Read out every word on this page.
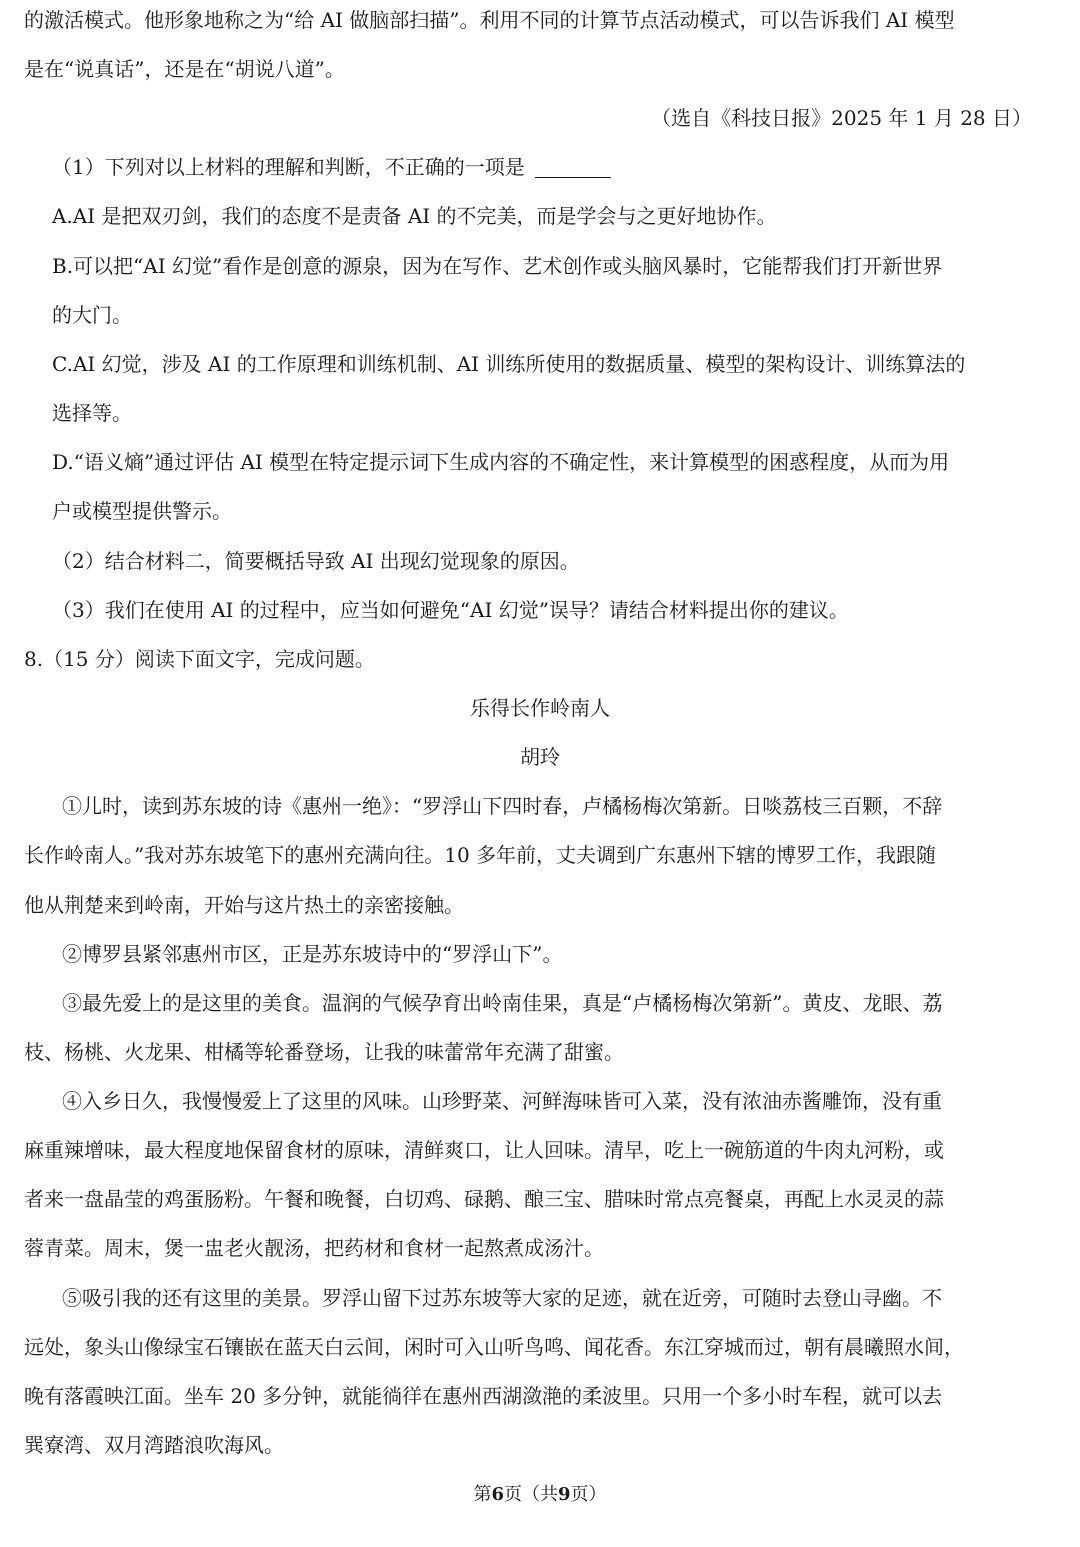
的激活模式。他形象地称之为“给 AI 做脑部扫描”。利用不同的计算节点活动模式，可以告诉我们 AI 模型
是在“说真话”，还是在“胡说八道”。
（选自《科技日报》2025 年 1 月 28 日）
（1）下列对以上材料的理解和判断，不正确的一项是
A.AI 是把双刃剑，我们的态度不是责备 AI 的不完美，而是学会与之更好地协作。
B.可以把“AI 幻觉”看作是创意的源泉，因为在写作、艺术创作或头脑风暴时，它能帮我们打开新世界
的大门。
C.AI 幻觉，涉及 AI 的工作原理和训练机制、AI 训练所使用的数据质量、模型的架构设计、训练算法的
选择等。
D.“语义熵”通过评估 AI 模型在特定提示词下生成内容的不确定性，来计算模型的困惑程度，从而为用
户或模型提供警示。
（2）结合材料二，简要概括导致 AI 出现幻觉现象的原因。
（3）我们在使用 AI 的过程中，应当如何避免“AI 幻觉”误导？请结合材料提出你的建议。
8.（15 分）阅读下面文字，完成问题。
乐得长作岭南人
胡玲
①儿时，读到苏东坡的诗《惠州一绝》：“罗浮山下四时春，卢橘杨梅次第新。日啖荔枝三百颗，不辞
长作岭南人。”我对苏东坡笔下的惠州充满向往。10 多年前，丈夫调到广东惠州下辖的博罗工作，我跟随
他从荆楚来到岭南，开始与这片热土的亲密接触。
②博罗县紧邻惠州市区，正是苏东坡诗中的“罗浮山下”。
③最先爱上的是这里的美食。温润的气候孕育出岭南佳果，真是“卢橘杨梅次第新”。黄皮、龙眼、荔
枝、杨桃、火龙果、柑橘等轮番登场，让我的味蕾常年充满了甜蜜。
④入乡日久，我慢慢爱上了这里的风味。山珍野菜、河鲜海味皆可入菜，没有浓油赤酱雕饰，没有重
麻重辣增味，最大程度地保留食材的原味，清鲜爽口，让人回味。清早，吃上一碗筋道的牛肉丸河粉，或
者来一盘晶莹的鸡蛋肠粉。午餐和晚餐，白切鸡、碌鹅、酿三宝、腊味时常点亮餐桌，再配上水灵灵的蒜
蓉青菜。周末，煲一盅老火靓汤，把药材和食材一起熬煮成汤汁。
⑤吸引我的还有这里的美景。罗浮山留下过苏东坡等大家的足迹，就在近旁，可随时去登山寻幽。不
远处，象头山像绿宝石镶嵌在蓝天白云间，闲时可入山听鸟鸣、闻花香。东江穿城而过，朝有晨曦照水间，
晚有落霞映江面。坐车 20 多分钟，就能徜徉在惠州西湖潋滟的柔波里。只用一个多小时车程，就可以去
巽寮湾、双月湾踏浪吹海风。
第6页（共9页）
